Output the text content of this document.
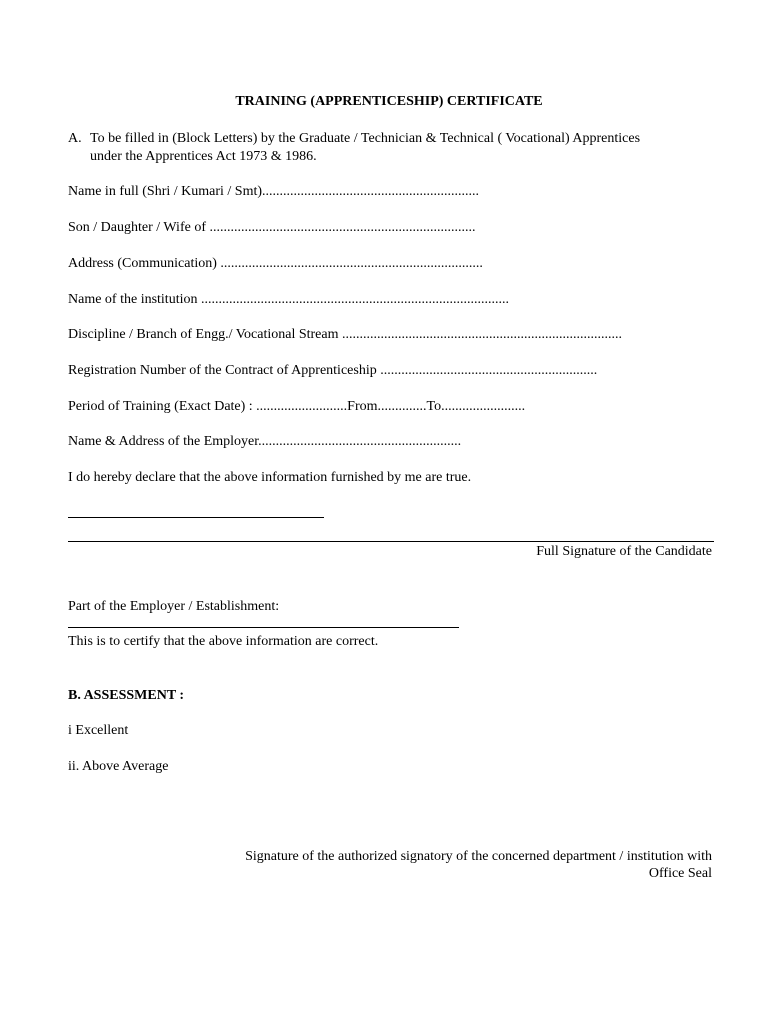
TRAINING (APPRENTICESHIP) CERTIFICATE
A. To be filled in (Block Letters) by the Graduate / Technician & Technical ( Vocational) Apprentices
under the Apprentices Act 1973 & 1986.
Name in full (Shri / Kumari / Smt)..............................................................
Son / Daughter / Wife of ............................................................................
Address (Communication) ...........................................................................
Name of the institution ........................................................................................
Discipline / Branch of Engg./ Vocational Stream ................................................................................
Registration Number of the Contract of Apprenticeship ..............................................................
Period of Training (Exact Date) : ..........................From..............To........................
Name & Address of the Employer..........................................................
I do hereby declare that the above information furnished by me are true.
Full Signature of the Candidate
Part of the Employer / Establishment:
This is to certify that the above information are correct.
B. ASSESSMENT :
i Excellent
ii. Above Average
Signature of the authorized signatory of the concerned department / institution with
Office Seal
